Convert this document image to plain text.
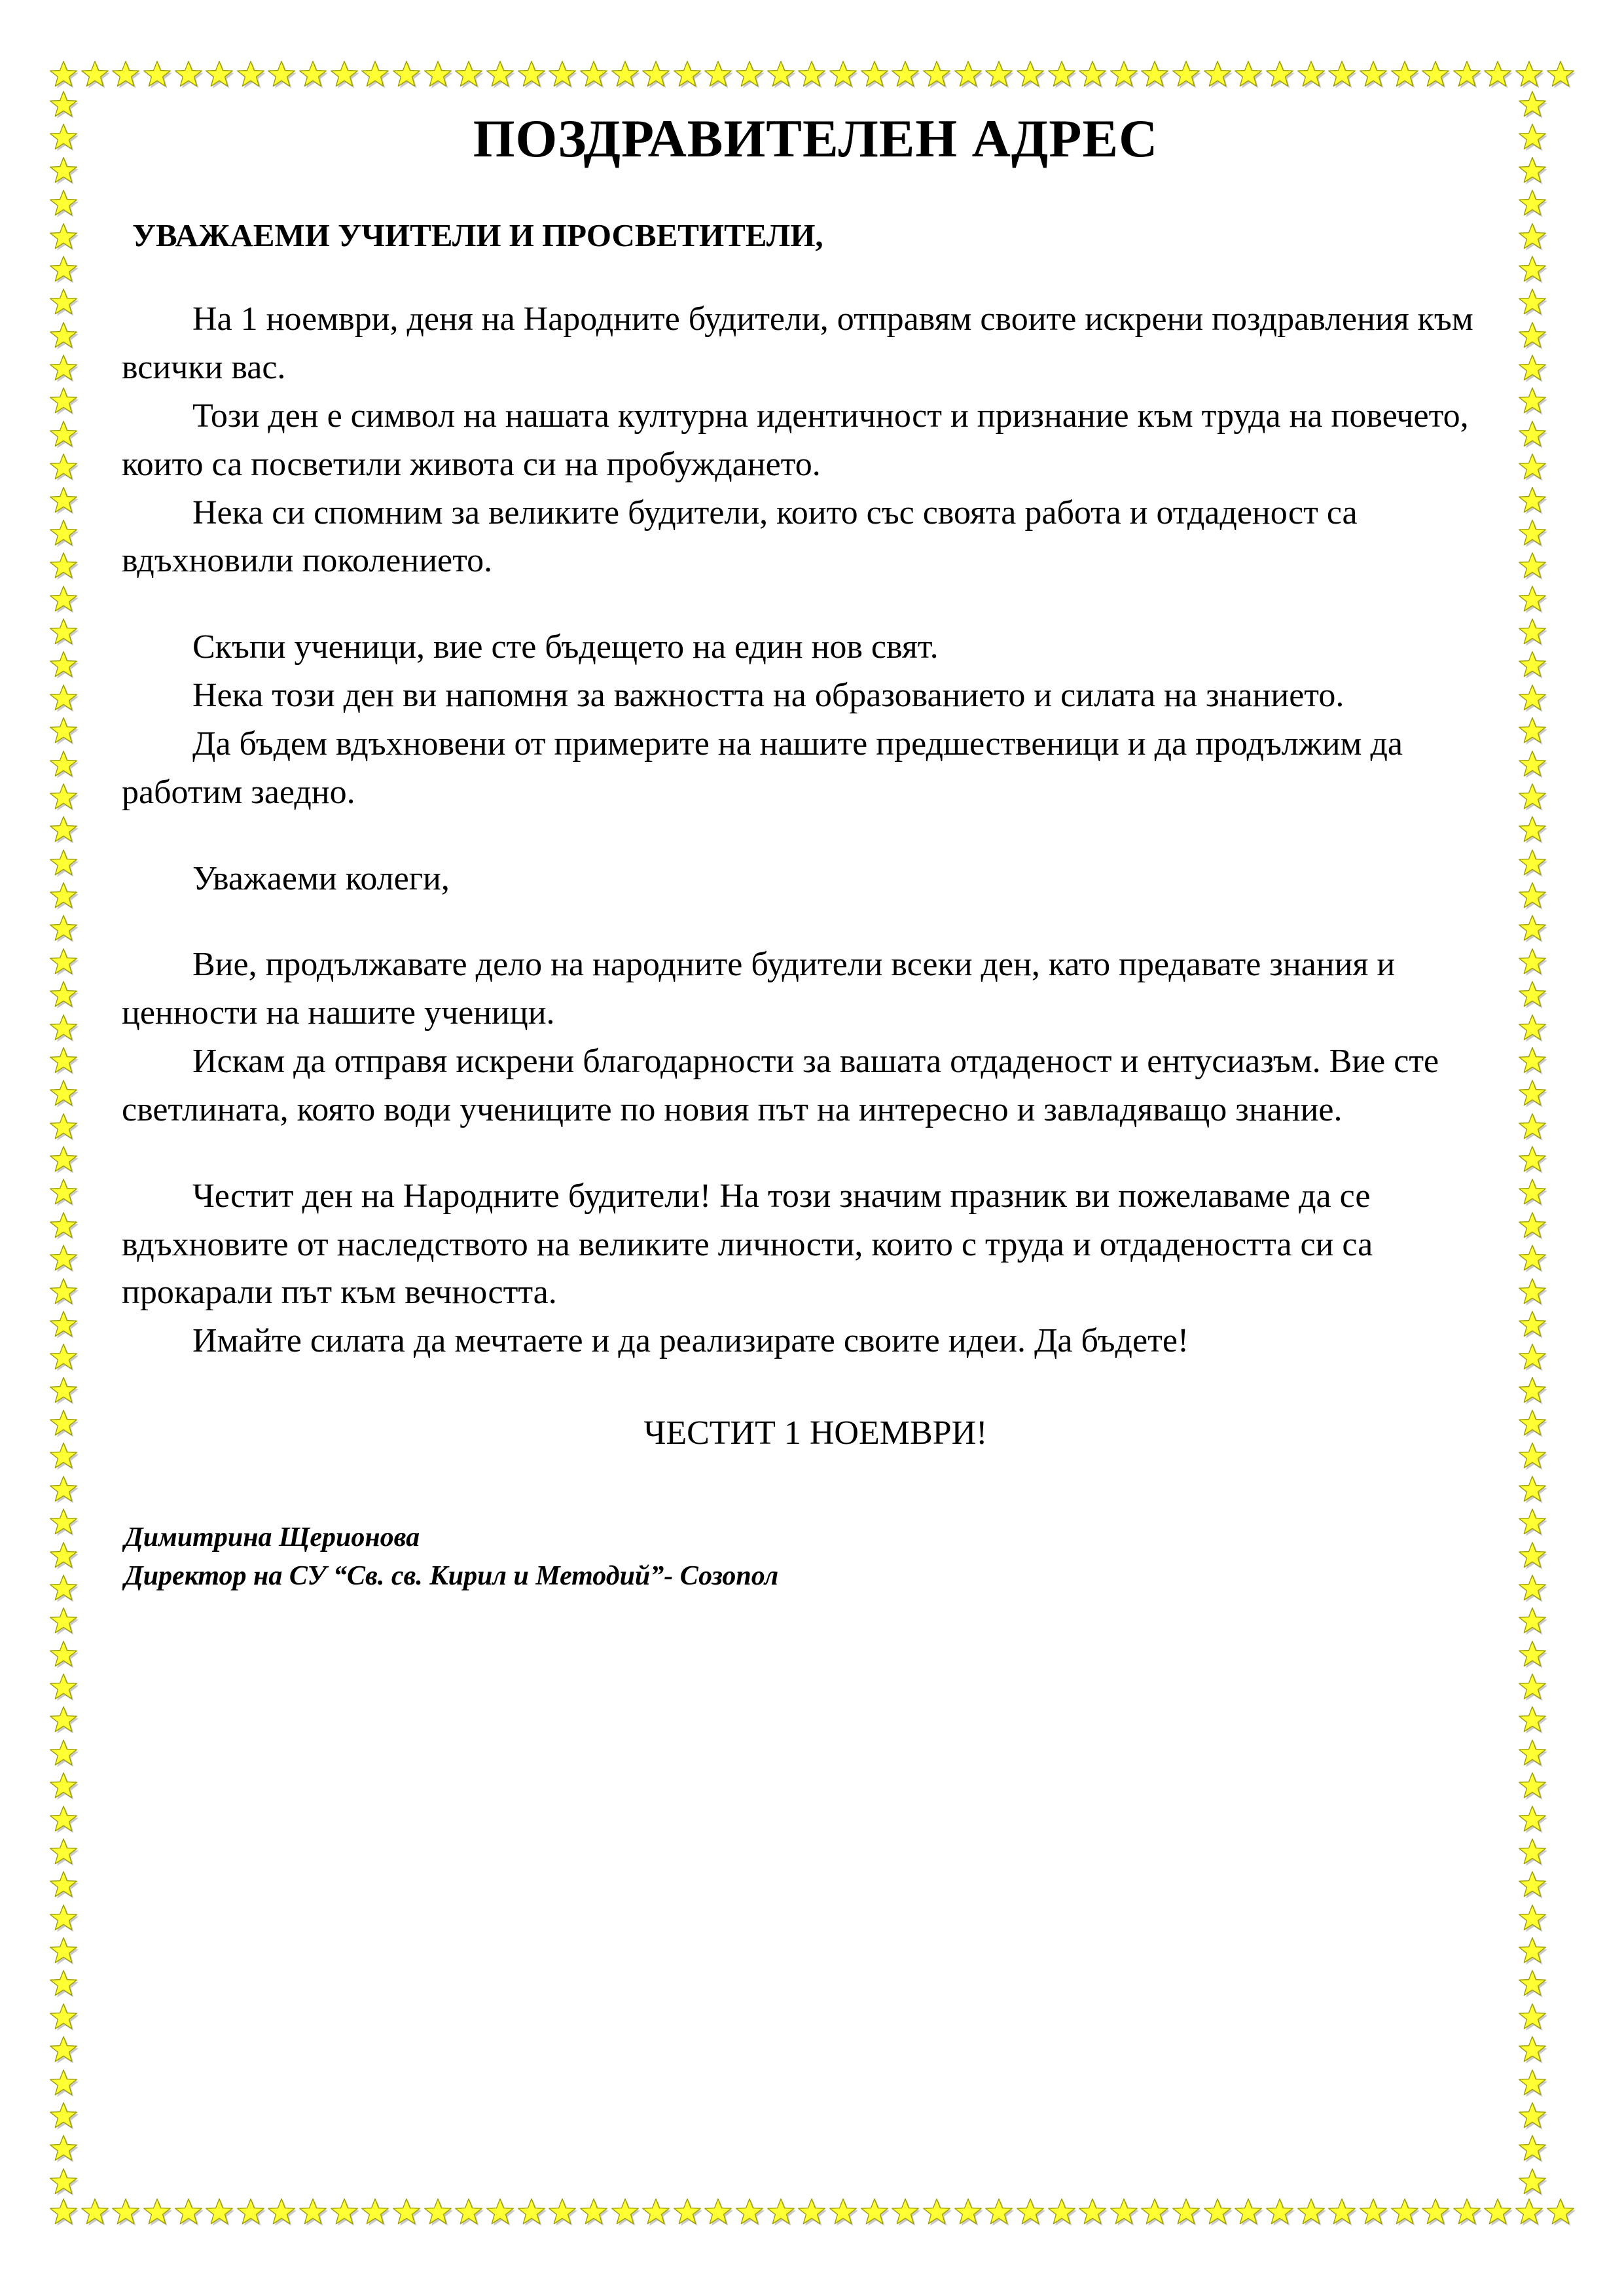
ПОЗДРАВИТЕЛЕН АДРЕС

УВАЖАЕМИ УЧИТЕЛИ И ПРОСВЕТИТЕЛИ,

На 1 ноември, деня на Народните будители, отправям своите искрени поздравления към всички вас.

Този ден е символ на нашата културна идентичност и признание към труда на повечето, които са посветили живота си на пробуждането.

Нека си спомним за великите будители, които със своята работа и отдаденост са вдъхновили поколението.

Скъпи ученици, вие сте бъдещето на един нов свят.

Нека този ден ви напомня за важността на образованието и силата на знанието.

Да бъдем вдъхновени от примерите на нашите предшественици и да продължим да работим заедно.

Уважаеми колеги,

Вие, продължавате дело на народните будители всеки ден, като предавате знания и ценности на нашите ученици.

Искам да отправя искрени благодарности за вашата отдаденост и ентусиазъм. Вие сте светлината, която води учениците по новия път на интересно и завладяващо знание.

Честит ден на Народните будители! На този значим празник ви пожелаваме да се вдъхновите от наследството на великите личности, които с труда и отдадеността си са прокарали път към вечността.

Имайте силата да мечтаете и да реализирате своите идеи. Да бъдете!

ЧЕСТИТ 1 НОЕМВРИ!

Димитрина Щерионова
Директор на СУ “Св. св. Кирил и Методий”- Созопол
